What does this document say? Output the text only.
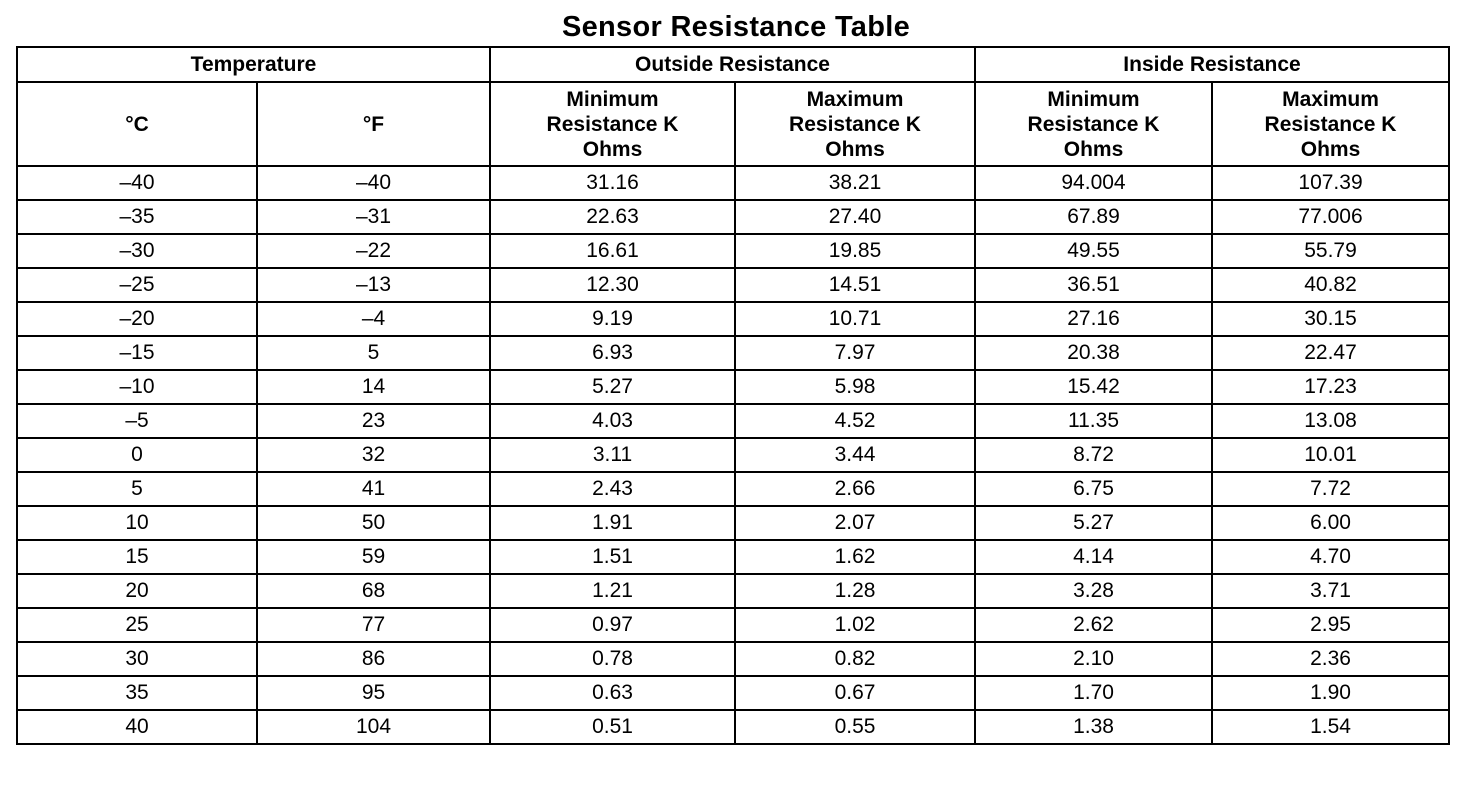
Sensor Resistance Table
Temperature		Outside Resistance		Inside Resistance	
°C	°F	Minimum
Resistance K
Ohms	Maximum
Resistance K
Ohms	Minimum
Resistance K
Ohms	Maximum
Resistance K
Ohms
–40	–40	31.16	38.21	94.004	107.39
–35	–31	22.63	27.40	67.89	77.006
–30	–22	16.61	19.85	49.55	55.79
–25	–13	12.30	14.51	36.51	40.82
–20	–4	9.19	10.71	27.16	30.15
–15	5	6.93	7.97	20.38	22.47
–10	14	5.27	5.98	15.42	17.23
–5	23	4.03	4.52	11.35	13.08
0	32	3.11	3.44	8.72	10.01
5	41	2.43	2.66	6.75	7.72
10	50	1.91	2.07	5.27	6.00
15	59	1.51	1.62	4.14	4.70
20	68	1.21	1.28	3.28	3.71
25	77	0.97	1.02	2.62	2.95
30	86	0.78	0.82	2.10	2.36
35	95	0.63	0.67	1.70	1.90
40	104	0.51	0.55	1.38	1.54
